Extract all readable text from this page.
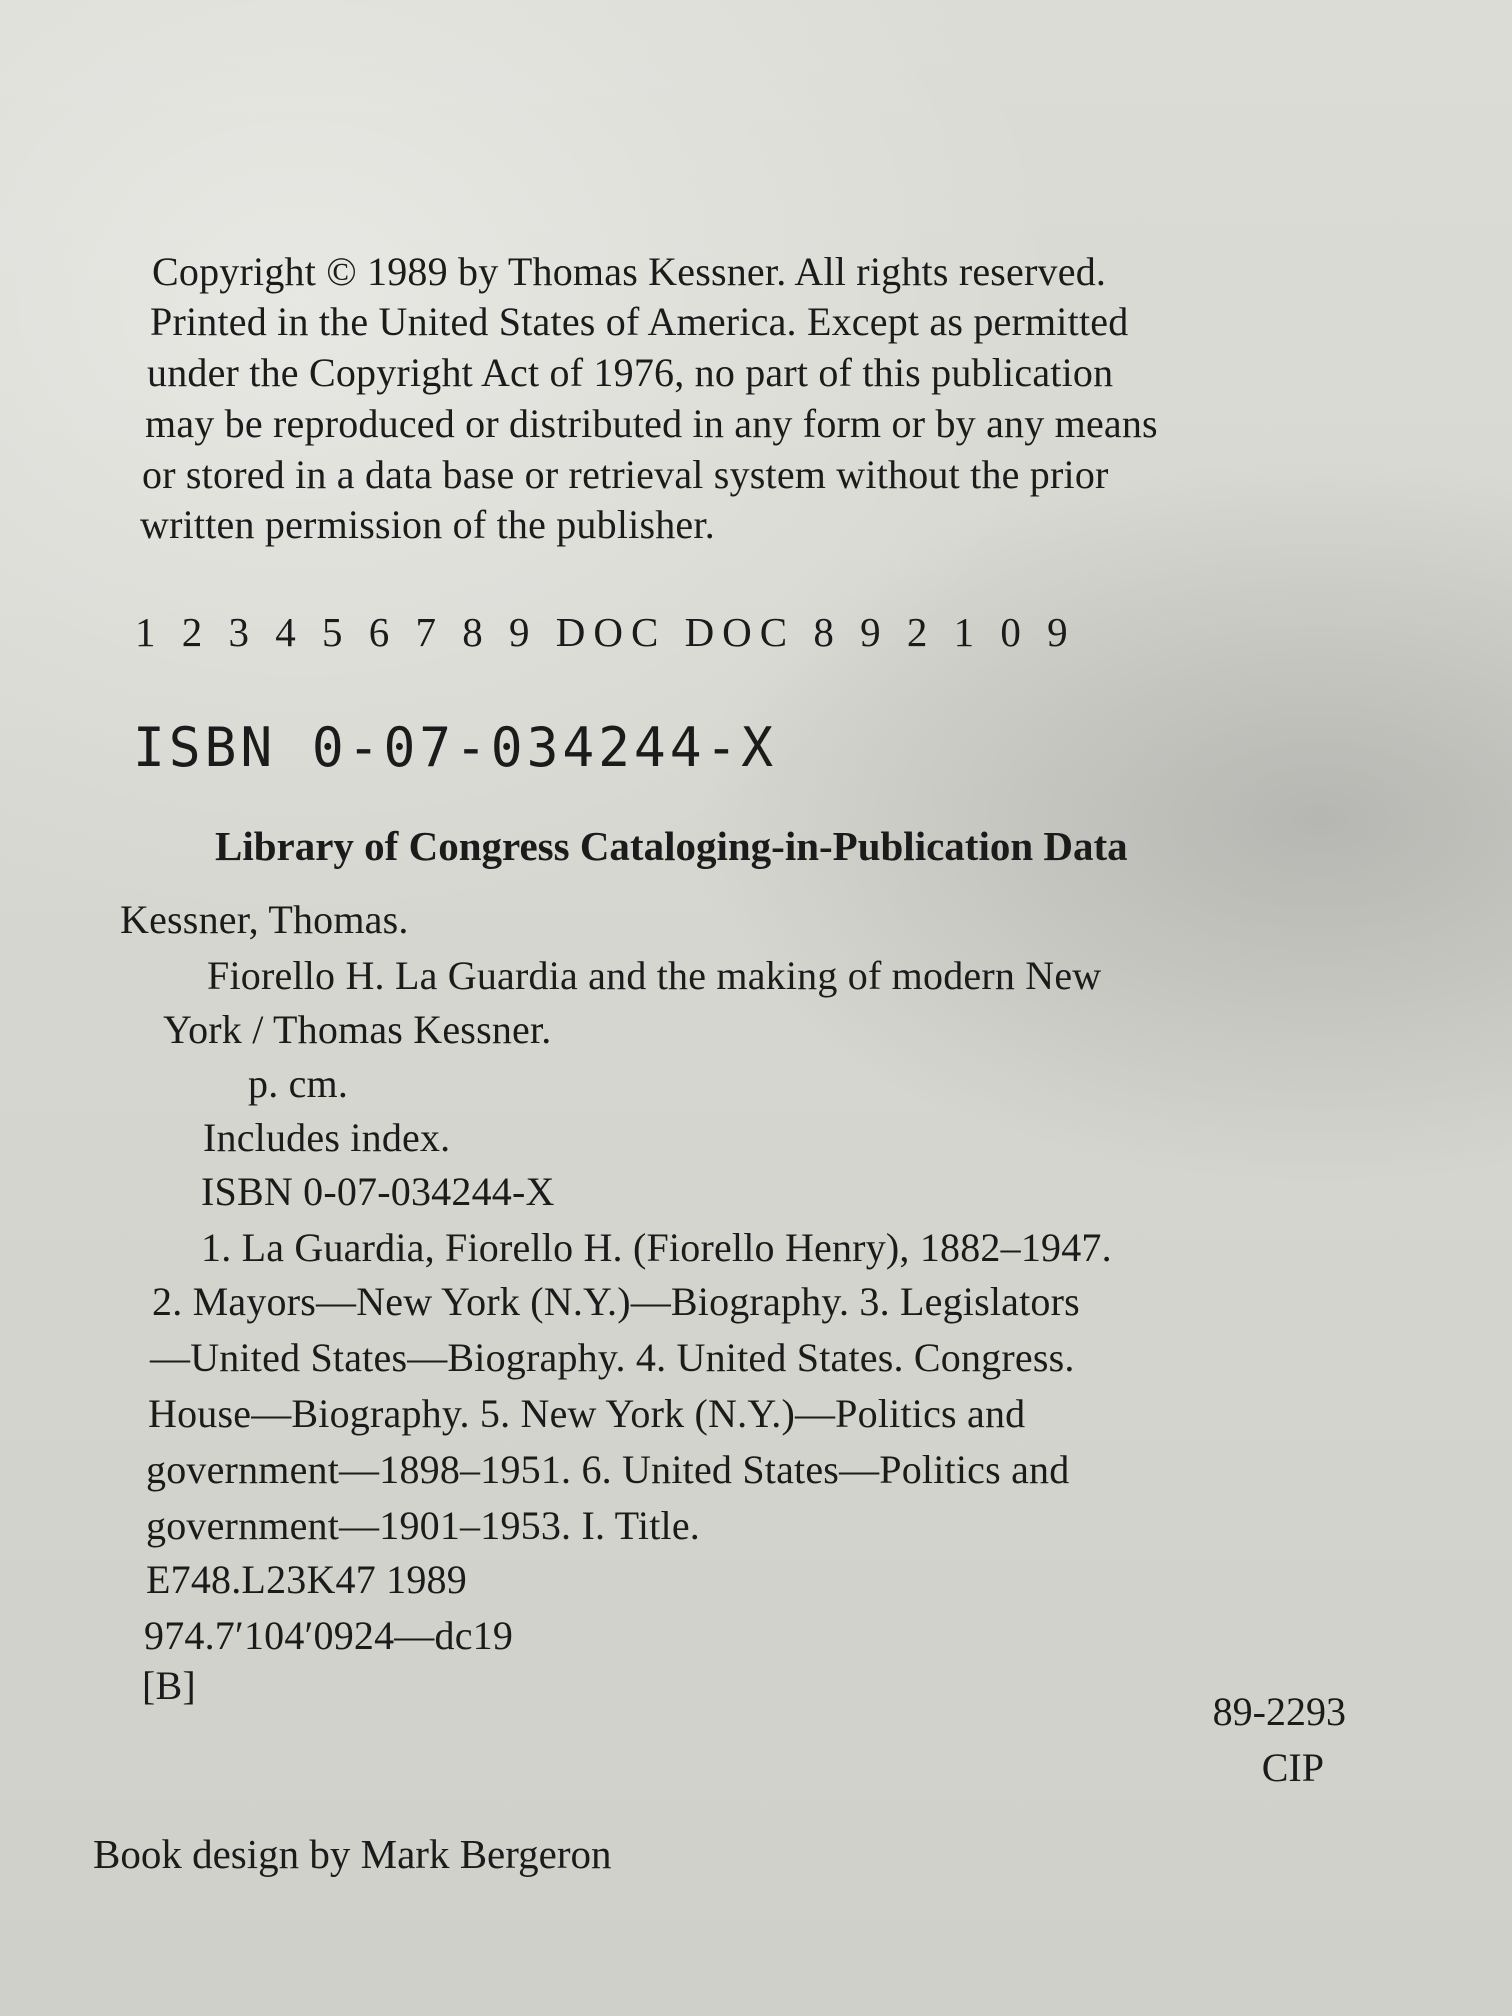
Copyright © 1989 by Thomas Kessner. All rights reserved.
Printed in the United States of America. Except as permitted
under the Copyright Act of 1976, no part of this publication
may be reproduced or distributed in any form or by any means
or stored in a data base or retrieval system without the prior
written permission of the publisher.
1 2 3 4 5 6 7 8 9 DOC DOC 8 9 2 1 0 9
ISBN 0-07-034244-X
Library of Congress Cataloging-in-Publication Data
Kessner, Thomas.
Fiorello H. La Guardia and the making of modern New
York / Thomas Kessner.
p. cm.
Includes index.
ISBN 0-07-034244-X
1. La Guardia, Fiorello H. (Fiorello Henry), 1882–1947.
2. Mayors—New York (N.Y.)—Biography. 3. Legislators
—United States—Biography. 4. United States. Congress.
House—Biography. 5. New York (N.Y.)—Politics and
government—1898–1951. 6. United States—Politics and
government—1901–1953. I. Title.
E748.L23K47 1989
974.7′104′0924—dc19
[B]
89-2293
CIP
Book design by Mark Bergeron
